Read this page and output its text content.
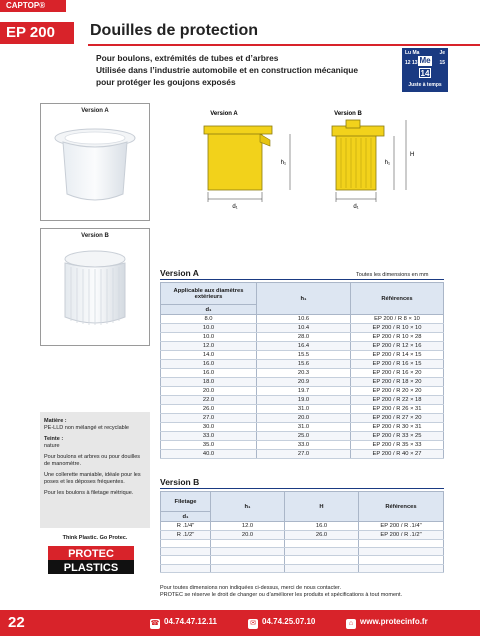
CAPTOP®
EP 200	Douilles de protection
Pour boulons, extrémités de tubes et d’arbres
Utilisée dans l’industrie automobile et en construction mécanique
pour protéger les goujons exposés
Lu Ma	Je
Me
12 13	15
14
Juste à temps
Version A
Version B
Version A	Version B
d₁
h₁
d₁
h₁
H

Matière :
PE-LLD non mélangé et recyclable

Teinte :
nature

Pour boulons et arbres ou pour douilles de manomètre.

Une collerette maniable, idéale pour les poses et les déposes fréquentes.

Pour les boulons à filetage métrique.

Think Plastic. Go Protec.
PROTEC
PLASTICS
Version A	Toutes les dimensions en mm
Applicable aux diamètres extérieurs	h₁	Références
d₁		
8.0	10.6	EP 200 / R 8 × 10
10.0	10.4	EP 200 / R 10 × 10
10.0	28.0	EP 200 / R 10 × 28
12.0	16.4	EP 200 / R 12 × 16
14.0	15.5	EP 200 / R 14 × 15
16.0	15.6	EP 200 / R 16 × 15
16.0	20.3	EP 200 / R 16 × 20
18.0	20.9	EP 200 / R 18 × 20
20.0	19.7	EP 200 / R 20 × 20
22.0	19.0	EP 200 / R 22 × 18
26.0	31.0	EP 200 / R 26 × 31
27.0	20.0	EP 200 / R 27 × 20
30.0	31.0	EP 200 / R 30 × 31
33.0	25.0	EP 200 / R 33 × 25
35.0	33.0	EP 200 / R 35 × 33
40.0	27.0	EP 200 / R 40 × 27
Version B
Filetage	h₁	H	Références
d₁			
R .1/4"	12.0	16.0	EP 200 / R .1/4"
R .1/2"	20.0	26.0	EP 200 / R .1/2"

Pour toutes dimensions non indiquées ci-dessus, merci de nous contacter.
PROTEC se réserve le droit de changer ou d’améliorer les produits et spécifications à tout moment.
22	☎ 04.74.47.12.11	✉ 04.74.25.07.10	⌂ www.protecinfo.fr
